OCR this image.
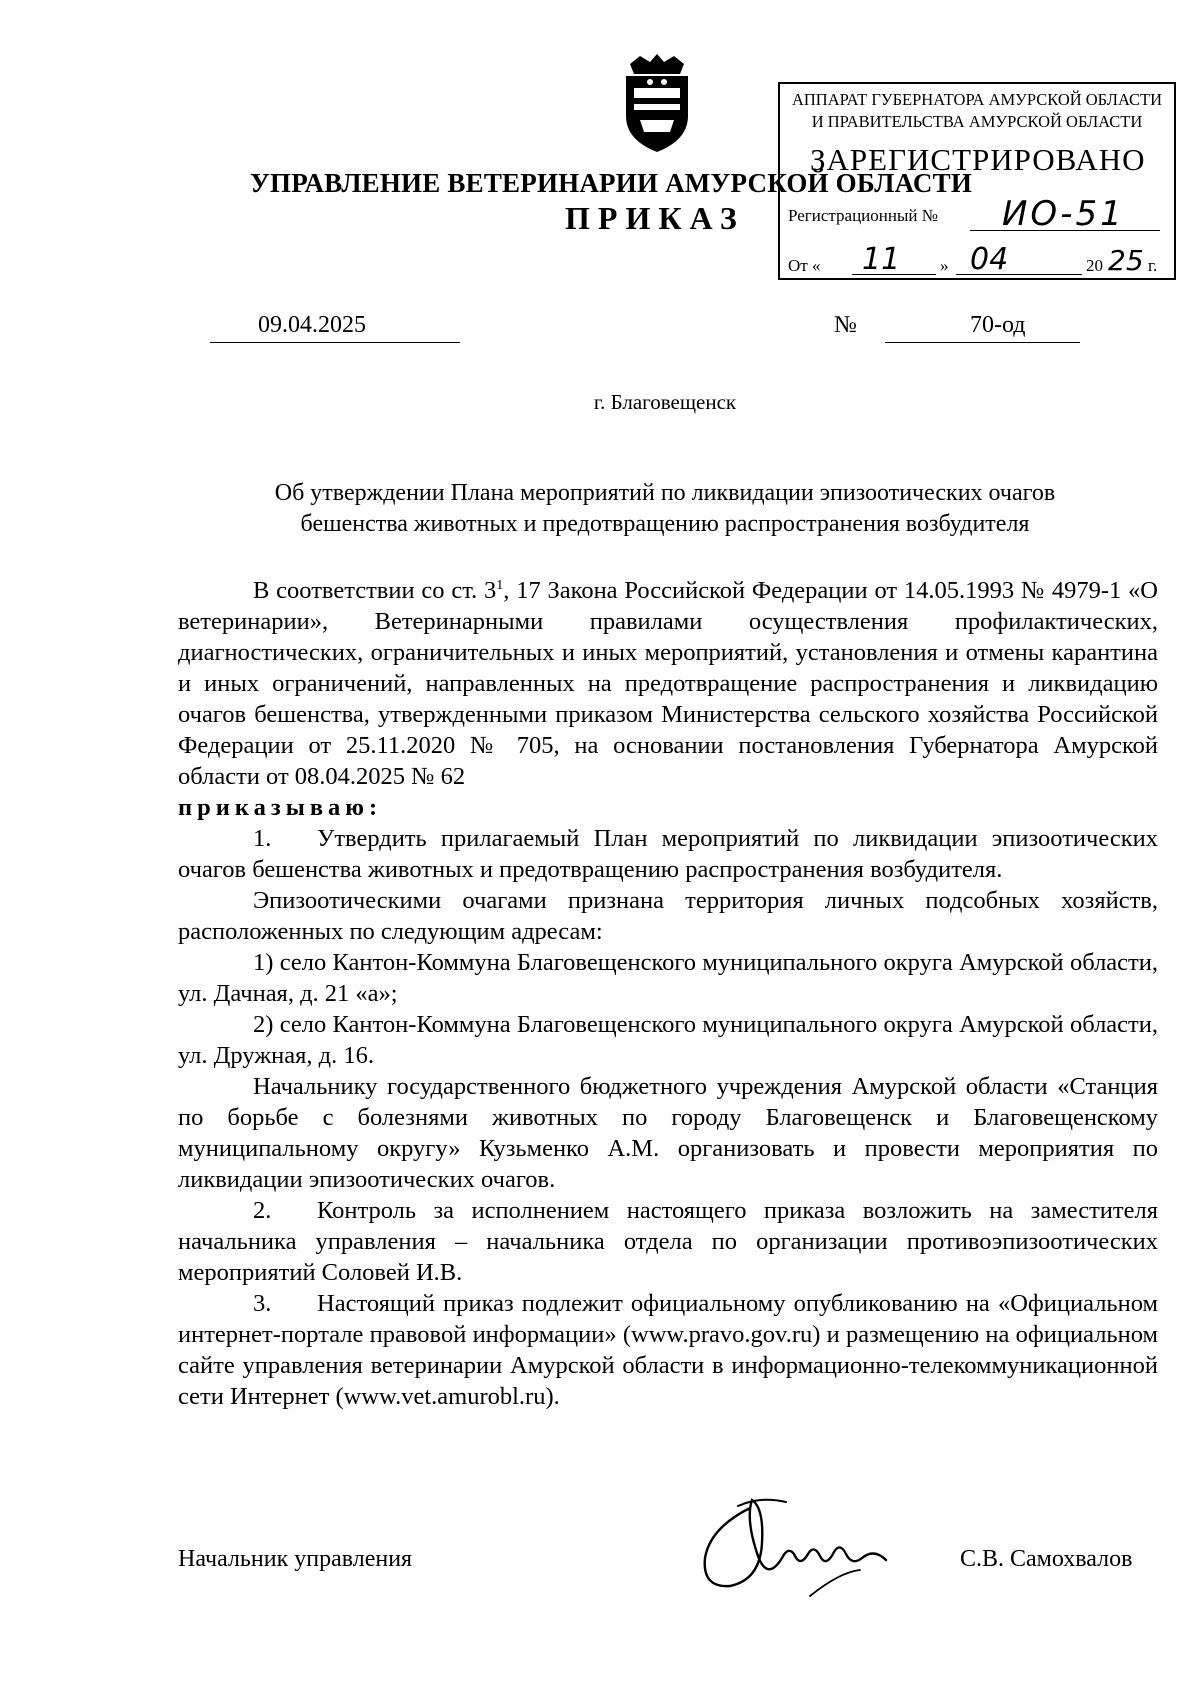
УПРАВЛЕНИЕ ВЕТЕРИНАРИИ АМУРСКОЙ ОБЛАСТИ
ПРИКАЗ
АППАРАТ ГУБЕРНАТОРА АМУРСКОЙ ОБЛАСТИ
И ПРАВИТЕЛЬСТВА АМУРСКОЙ ОБЛАСТИ
ЗАРЕГИСТРИРОВАНО
Регистрационный № ИО-51
От « 11 » 04	20 25 г.
09.04.2025	№	70-од
г. Благовещенск
Об утверждении Плана мероприятий по ликвидации эпизоотических очагов
бешенства животных и предотвращению распространения возбудителя

В соответствии со ст. $3^1$, 17 Закона Российской Федерации от 14.05.1993 № 4979-1 «О ветеринарии», Ветеринарными правилами осуществления профилактических, диагностических, ограничительных и иных мероприятий, установления и отмены карантина и иных ограничений, направленных на предотвращение распространения и ликвидацию очагов бешенства, утвержденными приказом Министерства сельского хозяйства Российской Федерации от 25.11.2020 № 705, на основании постановления Губернатора Амурской области от 08.04.2025 № 62

приказываю:

1. Утвердить прилагаемый План мероприятий по ликвидации эпизоотических очагов бешенства животных и предотвращению распространения возбудителя.

Эпизоотическими очагами признана территория личных подсобных хозяйств, расположенных по следующим адресам:

1) село Кантон-Коммуна Благовещенского муниципального округа Амурской области, ул. Дачная, д. 21 «а»;

2) село Кантон-Коммуна Благовещенского муниципального округа Амурской области, ул. Дружная, д. 16.

Начальнику государственного бюджетного учреждения Амурской области «Станция по борьбе с болезнями животных по городу Благовещенск и Благовещенскому муниципальному округу» Кузьменко А.М. организовать и провести мероприятия по ликвидации эпизоотических очагов.

2. Контроль за исполнением настоящего приказа возложить на заместителя начальника управления – начальника отдела по организации противоэпизоотических мероприятий Соловей И.В.

3. Настоящий приказ подлежит официальному опубликованию на «Официальном интернет-портале правовой информации» (www.pravo.gov.ru) и размещению на официальном сайте управления ветеринарии Амурской области в информационно-телекоммуникационной сети Интернет (www.vet.amurobl.ru).

Начальник управления	С.В. Самохвалов
